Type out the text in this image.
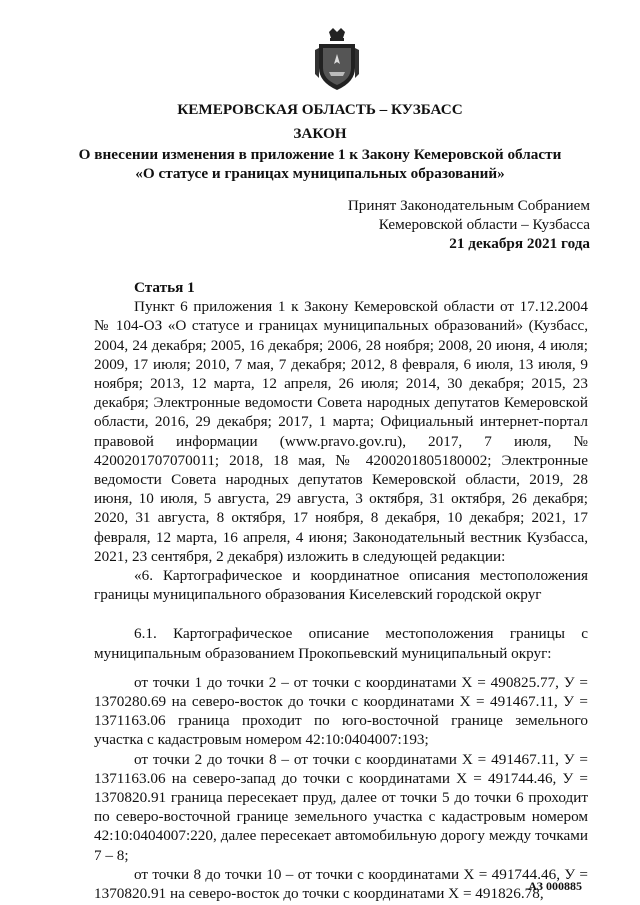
КЕМЕРОВСКАЯ ОБЛАСТЬ – КУЗБАСС
ЗАКОН
О внесении изменения в приложение 1 к Закону Кемеровской области
«О статусе и границах муниципальных образований»
Принят Законодательным Собранием
Кемеровской области – Кузбасса
21 декабря 2021 года

Статья 1

Пункт 6 приложения 1 к Закону Кемеровской области от 17.12.2004 № 104-ОЗ «О статусе и границах муниципальных образований» (Кузбасс, 2004, 24 декабря; 2005, 16 декабря; 2006, 28 ноября; 2008, 20 июня, 4 июля; 2009, 17 июля; 2010, 7 мая, 7 декабря; 2012, 8 февраля, 6 июля, 13 июля, 9 ноября; 2013, 12 марта, 12 апреля, 26 июля; 2014, 30 декабря; 2015, 23 декабря; Электронные ведомости Совета народных депутатов Кемеровской области, 2016, 29 декабря; 2017, 1 марта; Официальный интернет-портал правовой информации (www.pravo.gov.ru), 2017, 7 июля, № 4200201707070011; 2018, 18 мая, № 4200201805180002; Электронные ведомости Совета народных депутатов Кемеровской области, 2019, 28 июня, 10 июля, 5 августа, 29 августа, 3 октября, 31 октября, 26 декабря; 2020, 31 августа, 8 октября, 17 ноября, 8 декабря, 10 декабря; 2021, 17 февраля, 12 марта, 16 апреля, 4 июня; Законодательный вестник Кузбасса, 2021, 23 сентября, 2 декабря) изложить в следующей редакции:

«6. Картографическое и координатное описания местоположения границы муниципального образования Киселевский городской округ

6.1. Картографическое описание местоположения границы с муниципальным образованием Прокопьевский муниципальный округ:

от точки 1 до точки 2 – от точки с координатами Х = 490825.77, У = 1370280.69 на северо-восток до точки с координатами Х = 491467.11, У = 1371163.06 граница проходит по юго-восточной границе земельного участка с кадастровым номером 42:10:0404007:193;

от точки 2 до точки 8 – от точки с координатами Х = 491467.11, У = 1371163.06 на северо-запад до точки с координатами Х = 491744.46, У = 1370820.91 граница пересекает пруд, далее от точки 5 до точки 6 проходит по северо-восточной границе земельного участка с кадастровым номером 42:10:0404007:220, далее пересекает автомобильную дорогу между точками 7 – 8;

от точки 8 до точки 10 – от точки с координатами Х = 491744.46, У = 1370820.91 на северо-восток до точки с координатами Х = 491826.78,

АЗ 000885
